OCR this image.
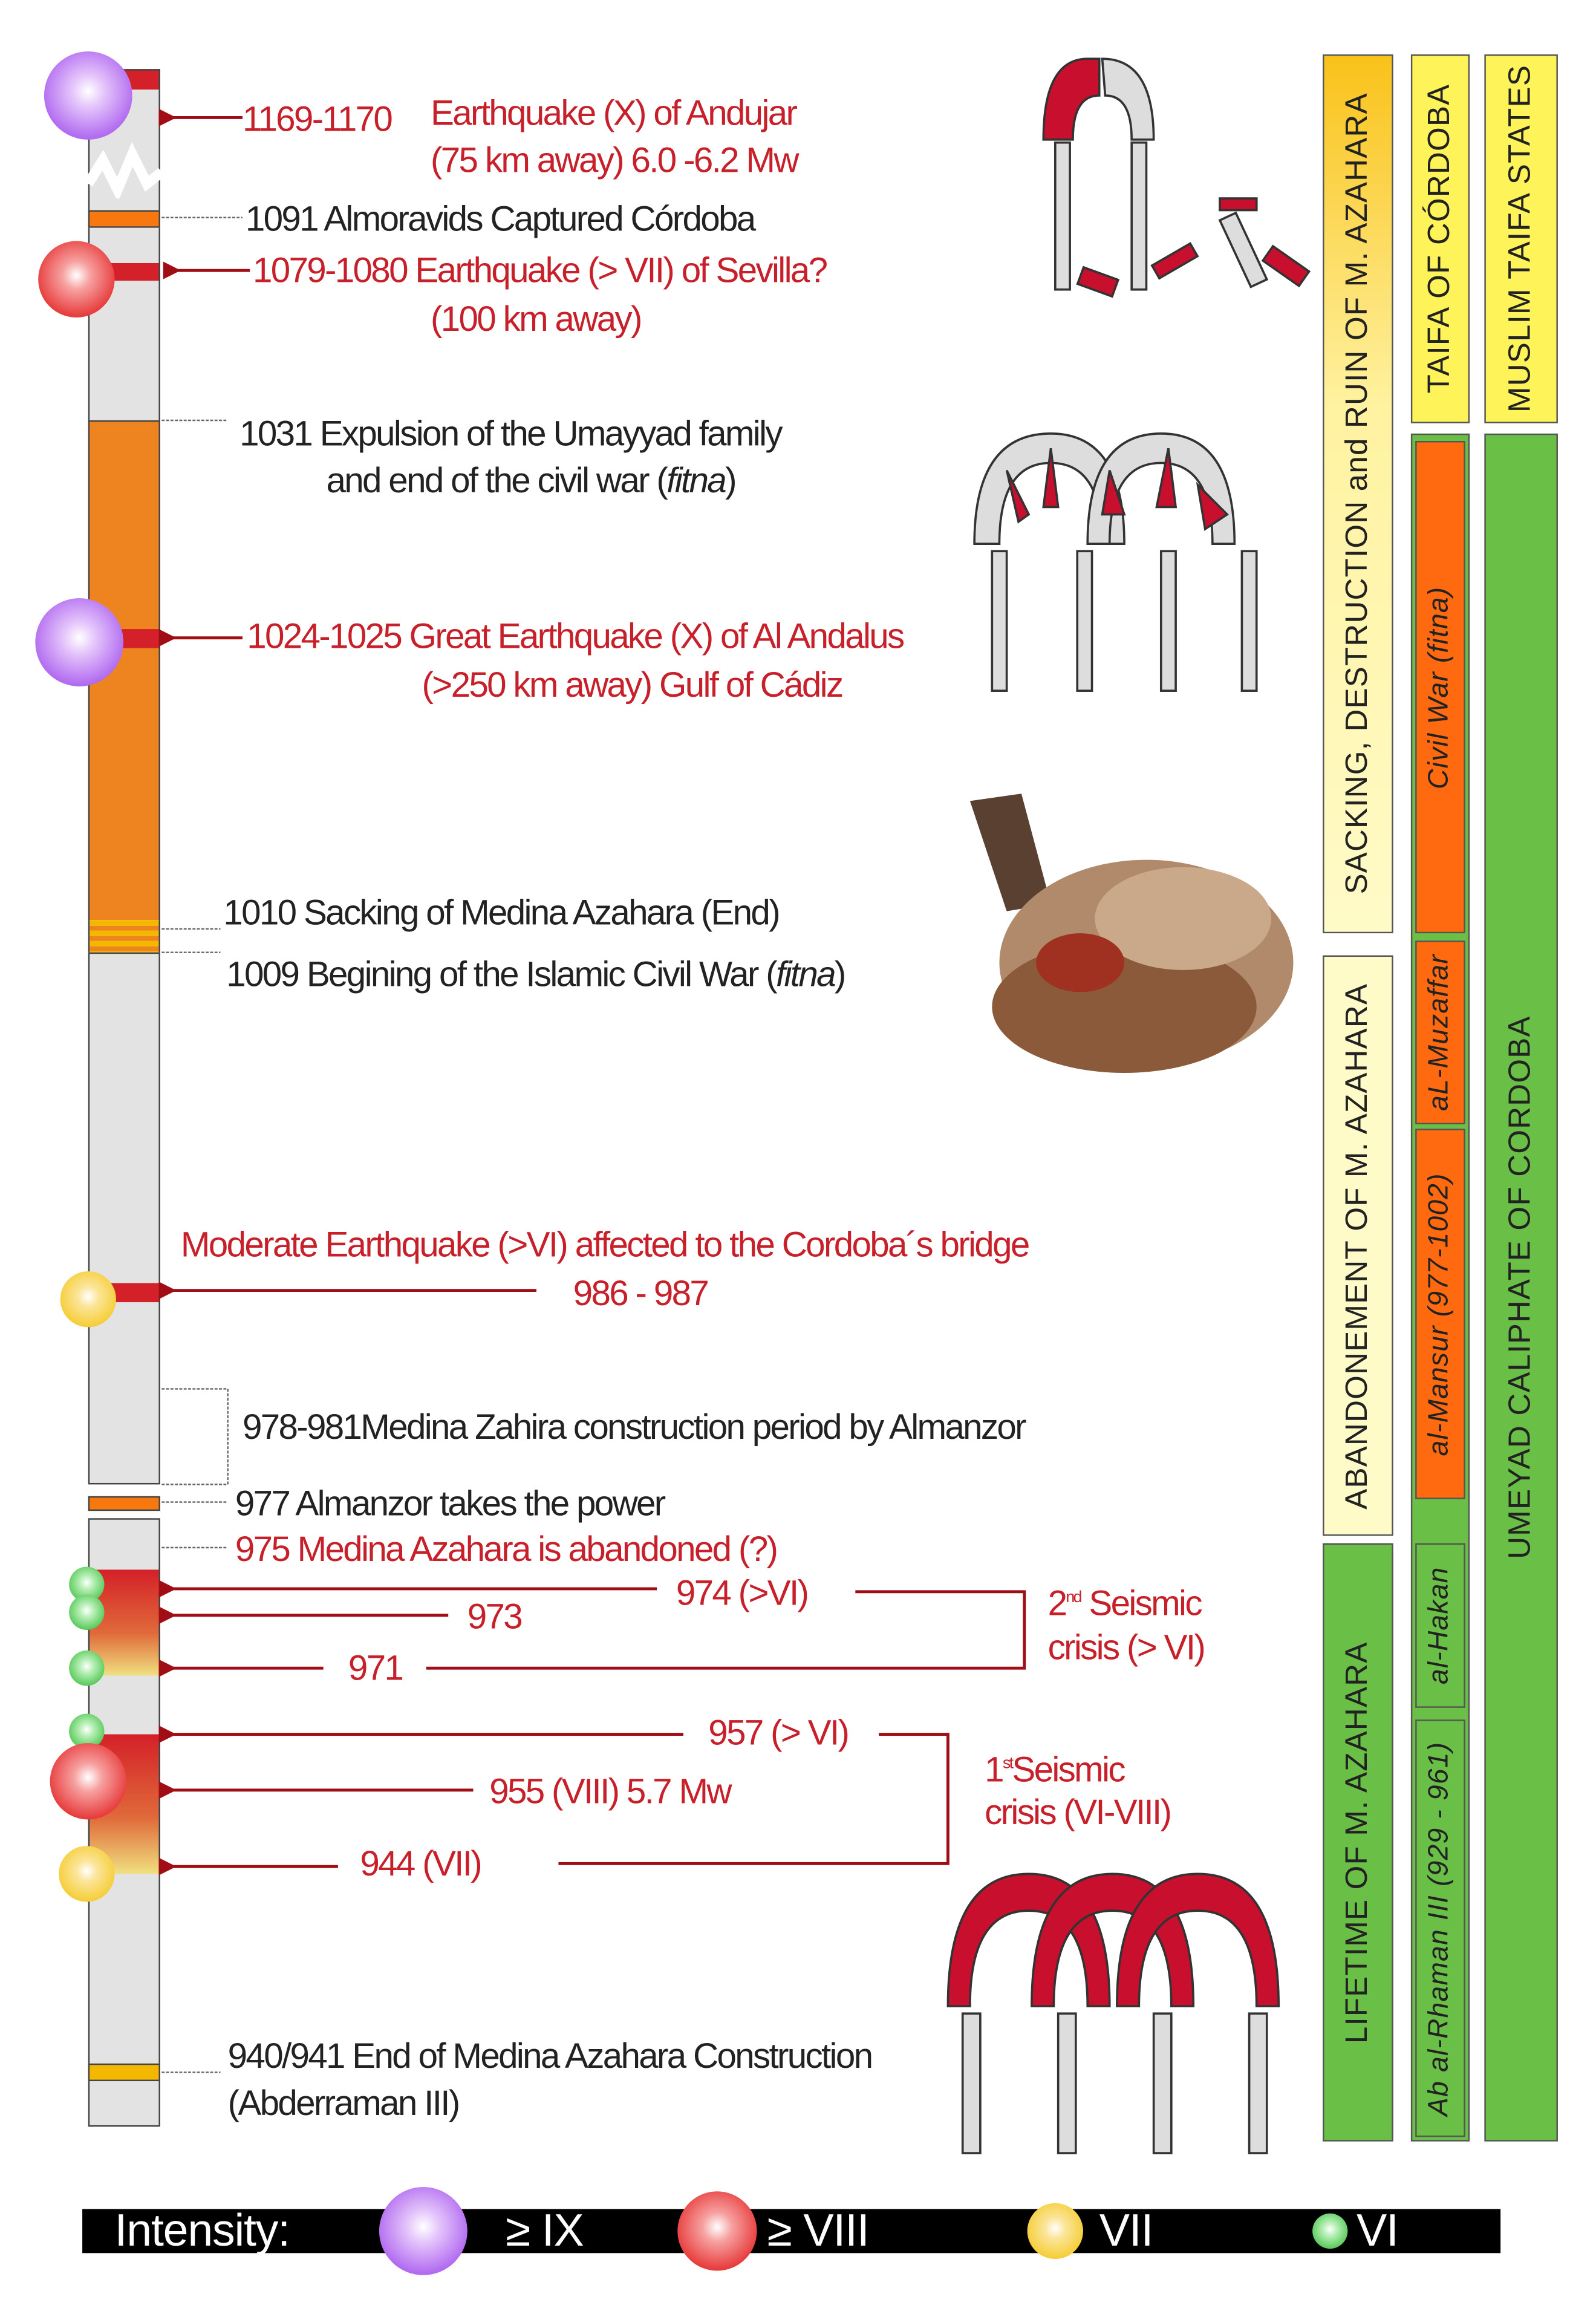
1169-1170	Earthquake (X) of Andujar
(75 km away) 6.0 -6.2 Mw
1091 Almoravids Captured Córdoba
1079-1080 Earthquake (> VII) of Sevilla?
(100 km away)
1031 Expulsion of the Umayyad family
and end of the civil war (fitna)
1024-1025 Great Earthquake (X) of Al Andalus
(>250 km away) Gulf of Cádiz
1010 Sacking of Medina Azahara (End)
1009 Begining of the Islamic Civil War (fitna)
Moderate Earthquake (>VI) affected to the Cordoba´s bridge
986 - 987
978-981Medina Zahira construction period by Almanzor
977 Almanzor takes the power
975 Medina Azahara is abandoned (?)
974 (>VI)
973
971
2nd Seismic
crisis (> VI)
957 (> VI)
955 (VIII) 5.7 Mw
944 (VII)
1stSeismic
crisis (VI-VIII)
940/941 End of Medina Azahara Construction
(Abderraman III)
SACKING, DESTRUCTION and RUIN OF M. AZAHARA
ABANDONEMENT OF M. AZAHARA
LIFETIME OF M. AZAHARA
TAIFA OF CÓRDOBA
Civil War (fitna)
aL-Muzaffar
al-Mansur (977-1002)
al-Hakan
Ab al-Rhaman III (929 - 961)
MUSLIM TAIFA STATES
UMEYAD CALIPHATE OF CORDOBA
Intensity:	≥ IX	≥ VIII	VII	VI
